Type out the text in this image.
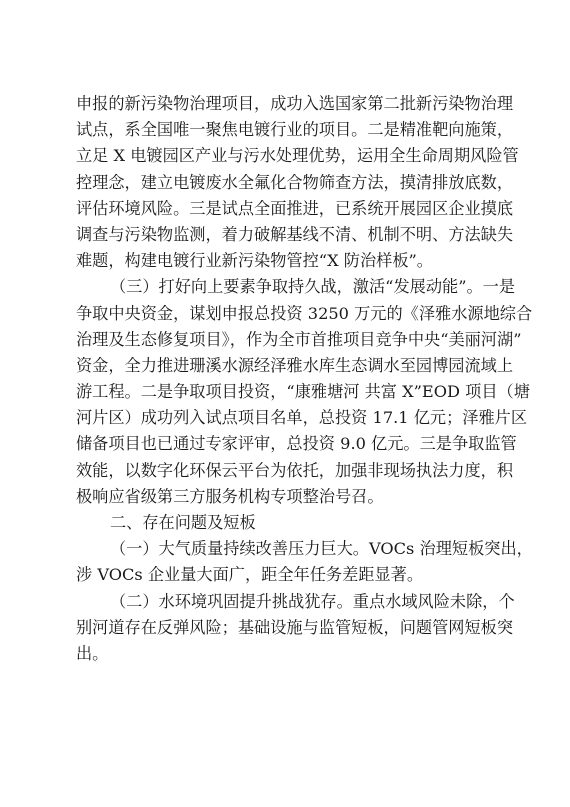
申报的新污染物治理项目，成功入选国家第二批新污染物治理
试点，系全国唯一聚焦电镀行业的项目。二是精准靶向施策，
立足 X 电镀园区产业与污水处理优势，运用全生命周期风险管
控理念，建立电镀废水全氟化合物筛查方法，摸清排放底数，
评估环境风险。三是试点全面推进，已系统开展园区企业摸底
调查与污染物监测，着力破解基线不清、机制不明、方法缺失
难题，构建电镀行业新污染物管控“X 防治样板”。
（三）打好向上要素争取持久战，激活“发展动能”。一是
争取中央资金，谋划申报总投资 3250 万元的《泽雅水源地综合
治理及生态修复项目》，作为全市首推项目竞争中央“美丽河湖”
资金，全力推进珊溪水源经泽雅水库生态调水至园博园流域上
游工程。二是争取项目投资，“康雅塘河 共富 X”EOD 项目（塘
河片区）成功列入试点项目名单，总投资 17.1 亿元；泽雅片区
储备项目也已通过专家评审，总投资 9.0 亿元。三是争取监管
效能，以数字化环保云平台为依托，加强非现场执法力度，积
极响应省级第三方服务机构专项整治号召。
二、存在问题及短板
（一）大气质量持续改善压力巨大。VOCs 治理短板突出，
涉 VOCs 企业量大面广，距全年任务差距显著。
（二）水环境巩固提升挑战犹存。重点水域风险未除，个
别河道存在反弹风险；基础设施与监管短板，问题管网短板突
出。
